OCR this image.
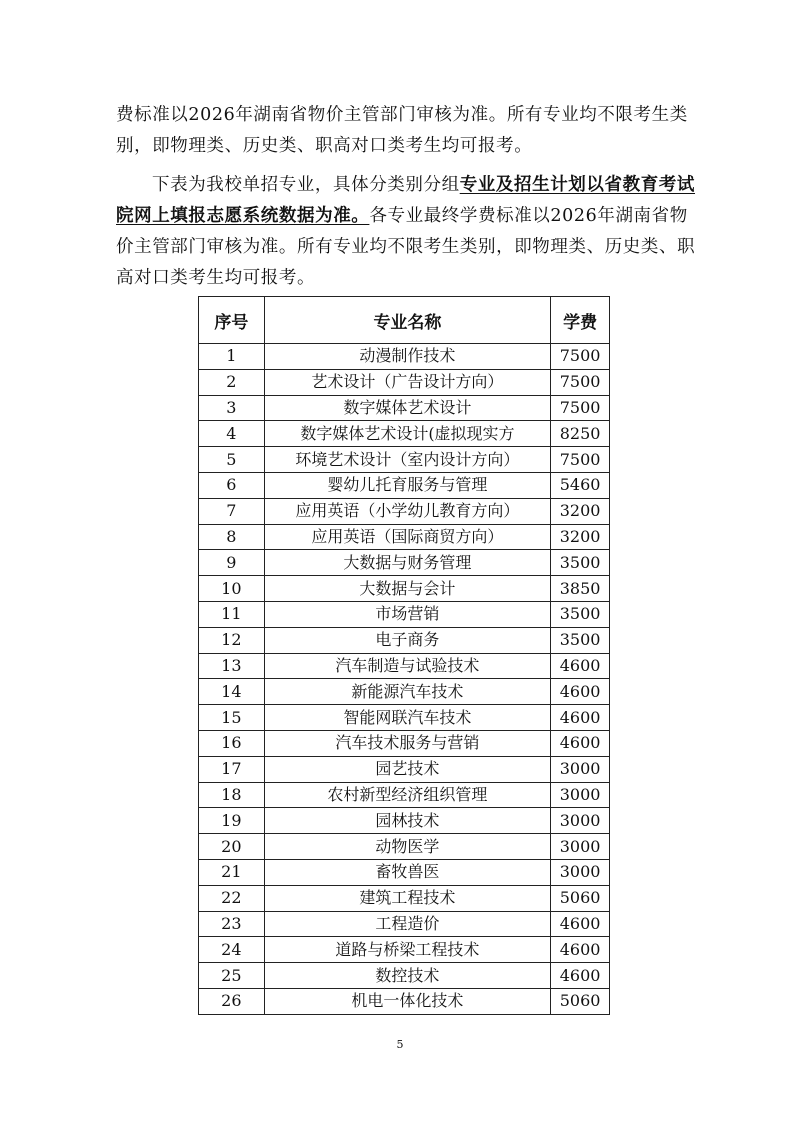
费标准以2026年湖南省物价主管部门审核为准。所有专业均不限考生类别，即物理类、历史类、职高对口类考生均可报考。
下表为我校单招专业，具体分类别分组专业及招生计划以省教育考试院网上填报志愿系统数据为准。各专业最终学费标准以2026年湖南省物价主管部门审核为准。所有专业均不限考生类别，即物理类、历史类、职高对口类考生均可报考。
序号	专业名称	学费
1	动漫制作技术	7500
2	艺术设计（广告设计方向）	7500
3	数字媒体艺术设计	7500
4	数字媒体艺术设计(虚拟现实方	8250
5	环境艺术设计（室内设计方向）	7500
6	婴幼儿托育服务与管理	5460
7	应用英语（小学幼儿教育方向）	3200
8	应用英语（国际商贸方向）	3200
9	大数据与财务管理	3500
10	大数据与会计	3850
11	市场营销	3500
12	电子商务	3500
13	汽车制造与试验技术	4600
14	新能源汽车技术	4600
15	智能网联汽车技术	4600
16	汽车技术服务与营销	4600
17	园艺技术	3000
18	农村新型经济组织管理	3000
19	园林技术	3000
20	动物医学	3000
21	畜牧兽医	3000
22	建筑工程技术	5060
23	工程造价	4600
24	道路与桥梁工程技术	4600
25	数控技术	4600
26	机电一体化技术	5060
5
